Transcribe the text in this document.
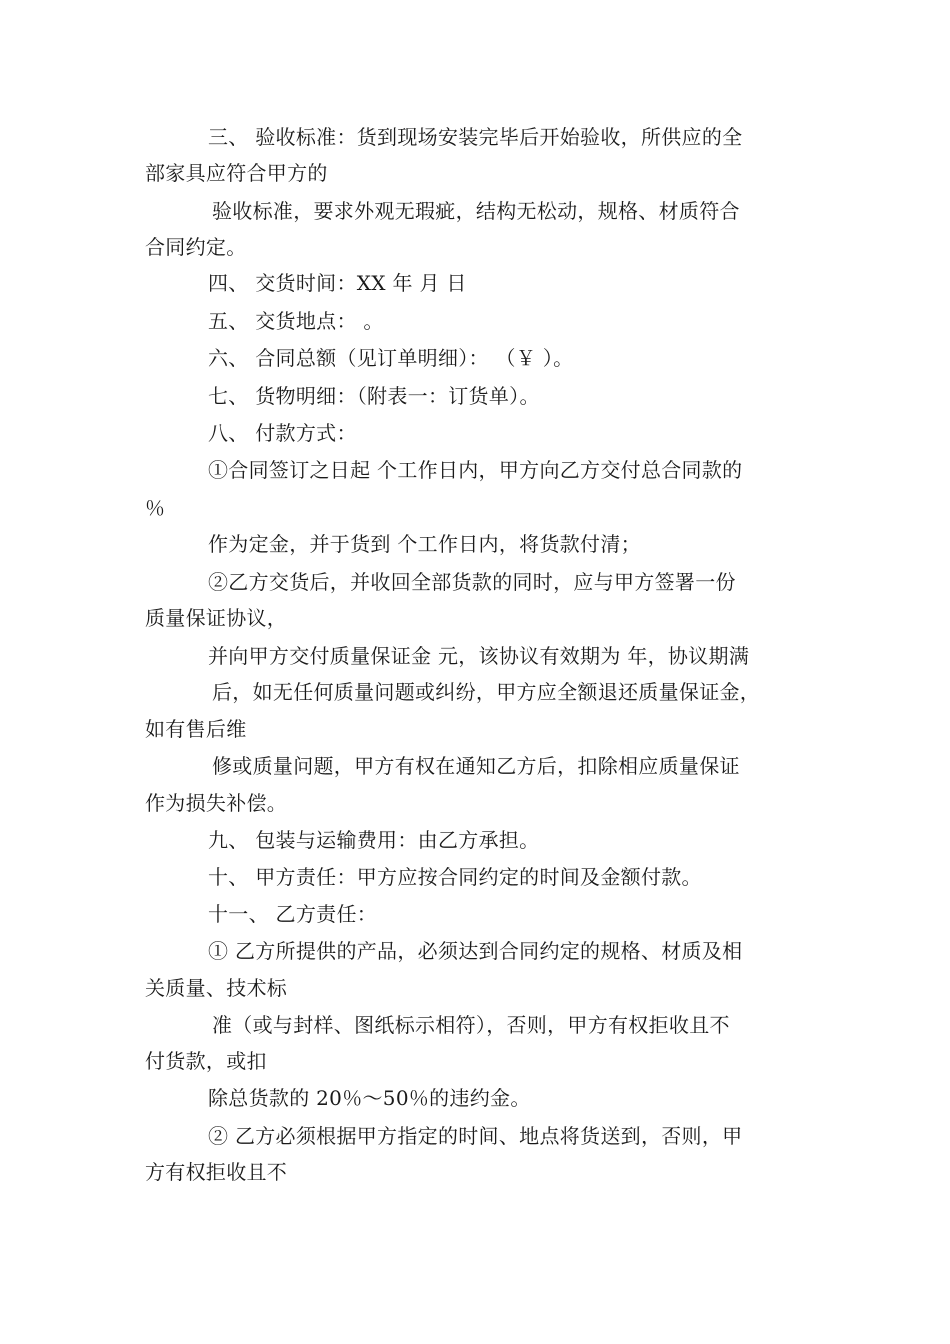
三、 验收标准：货到现场安装完毕后开始验收，所供应的全
部家具应符合甲方的
验收标准，要求外观无瑕疵，结构无松动，规格、材质符合
合同约定。
四、 交货时间：XX 年 月 日
五、 交货地点： 。
六、 合同总额（见订单明细）： （￥ ）。
七、 货物明细：（附表一：订货单）。
八、 付款方式：
①合同签订之日起 个工作日内，甲方向乙方交付总合同款的
％
作为定金，并于货到 个工作日内，将货款付清；
②乙方交货后，并收回全部货款的同时，应与甲方签署一份
质量保证协议，
并向甲方交付质量保证金 元，该协议有效期为 年，协议期满
后，如无任何质量问题或纠纷，甲方应全额退还质量保证金，
如有售后维
修或质量问题，甲方有权在通知乙方后，扣除相应质量保证
作为损失补偿。
九、 包装与运输费用：由乙方承担。
十、 甲方责任：甲方应按合同约定的时间及金额付款。
十一、 乙方责任：
① 乙方所提供的产品，必须达到合同约定的规格、材质及相
关质量、技术标
准（或与封样、图纸标示相符），否则，甲方有权拒收且不
付货款，或扣
除总货款的 20％～50％的违约金。
② 乙方必须根据甲方指定的时间、地点将货送到，否则，甲
方有权拒收且不
